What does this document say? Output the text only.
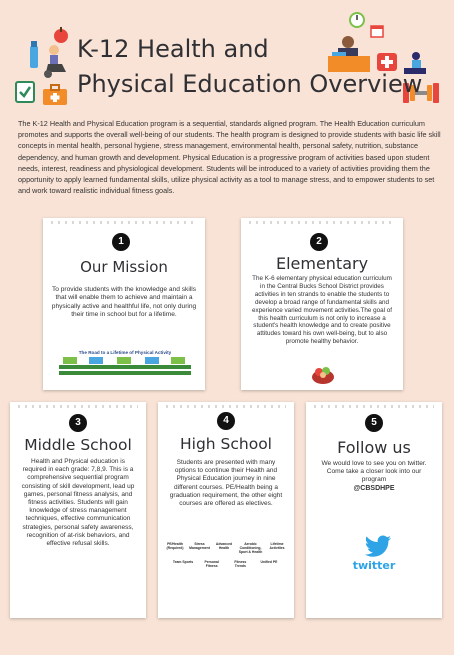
K-12 Health and
Physical Education Overview
The K-12 Health and Physical Education program is a sequential, standards aligned program. The Health Education curriculum promotes and supports the overall well-being of our students. The health program is designed to provide students with basic life skill concepts in mental health, personal hygiene, stress management, environmental health, personal safety, nutrition, substance dependency, and human growth and development. Physical Education is a progressive program of activities based upon student needs, interest, readiness and physiological development. Students will be introduced to a variety of activities providing them the opportunity to apply learned fundamental skills, utilize physical activity as a tool to manage stress, and to empower students to set and work toward realistic individual fitness goals.
1
Our Mission
To provide students with the knowledge and skills that will enable them to achieve and maintain a physically active and healthful life, not only during their time in school but for a lifetime.
The Road to a Lifetime of Physical Activity
2
Elementary
The K-6 elementary physical education curriculum in the Central Bucks School District provides activities in ten strands to enable the students to develop a broad range of fundamental skills and experience varied movement activities.The goal of this health curriculum is not only to increase a student's health knowledge and to create positive attitudes toward his own well-being, but to also promote healthy behavior.
3
Middle School
Health and Physical education is required in each grade: 7,8,9. This is a comprehensive sequential program consisting of skill development, lead up games, personal fitness analysis, and fitness activities. Students will gain knowledge of stress management techniques, effective communication strategies, personal safety awareness, recognition of at-risk behaviors, and effective refusal skills.
4
High School
Students are presented with many options to continue their Health and Physical Education journey in nine different courses. PE/Health being a graduation requirement, the other eight courses are offered as electives.
PE/Health (Required)
Stress Management
Advanced Health
Aerobic Conditioning, Sport & Health
Lifetime Activities
Team Sports	Personal Fitness
Fitness Trends
Unified PE
5
Follow us
We would love to see you on twitter. Come take a closer look into our program
@CBSDHPE
twitter
